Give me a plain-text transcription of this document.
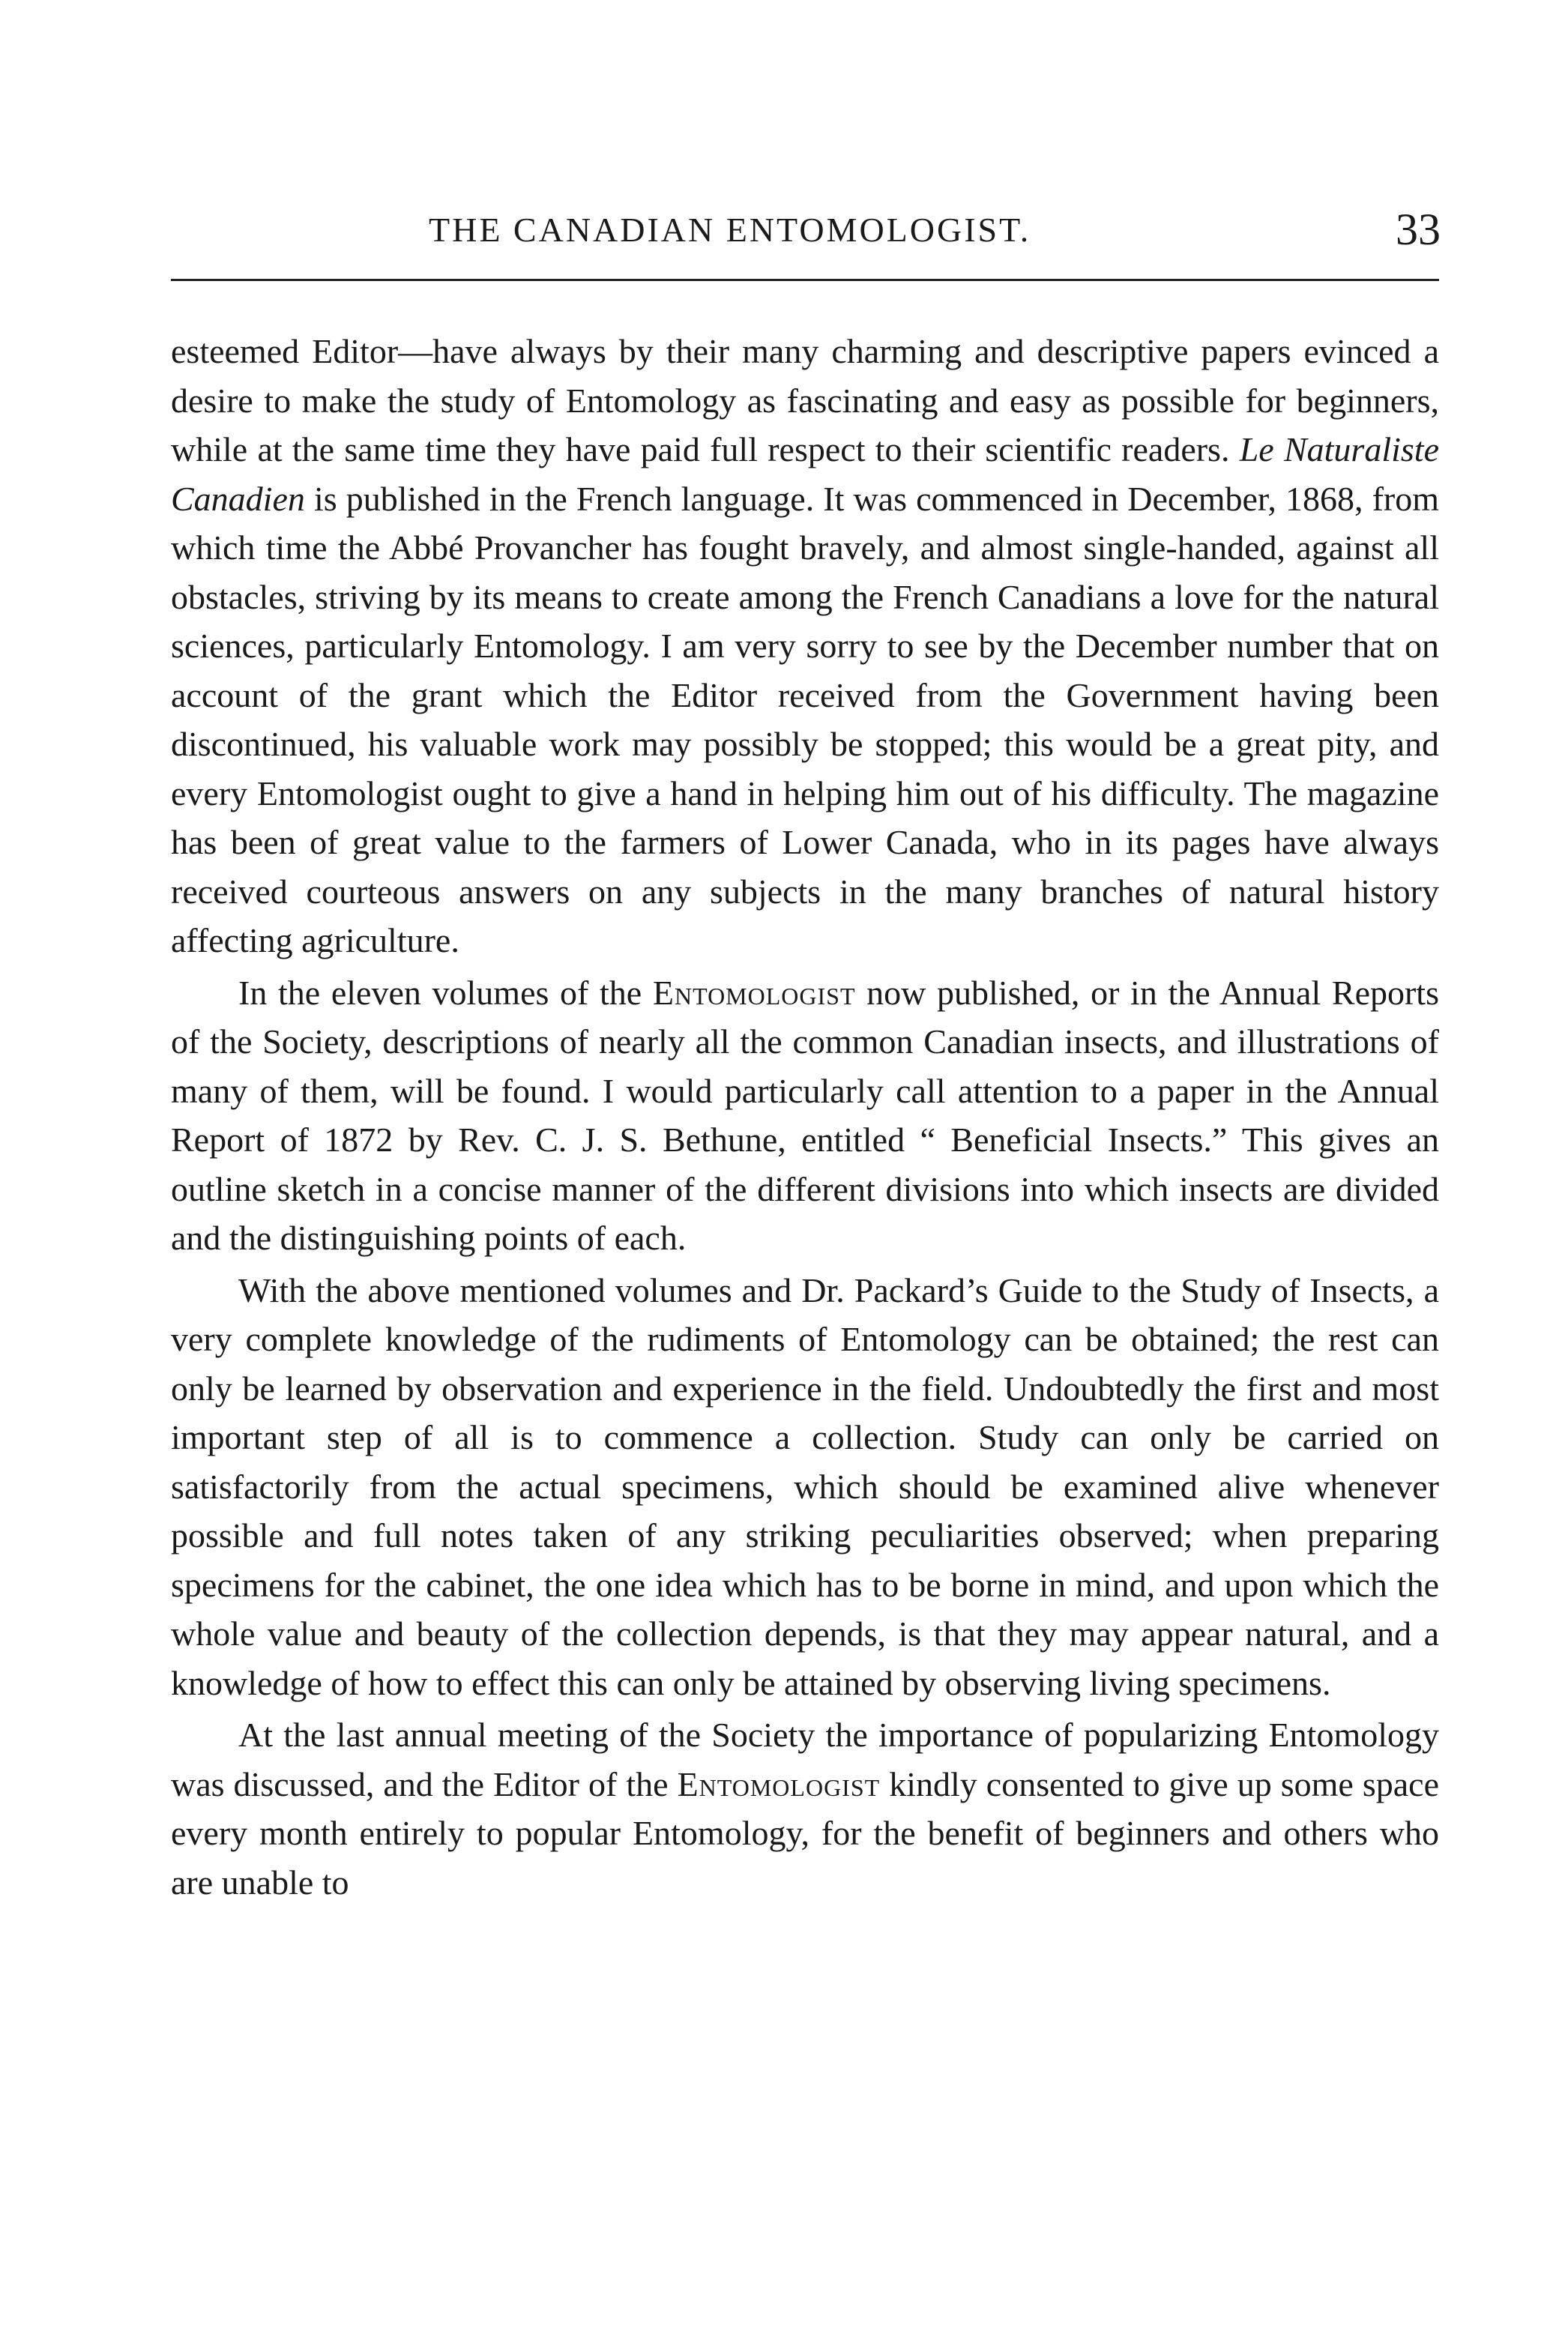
THE CANADIAN ENTOMOLOGIST.	33

esteemed Editor—have always by their many charming and descriptive papers evinced a desire to make the study of Entomology as fascinating and easy as possible for beginners, while at the same time they have paid full respect to their scientific readers. Le Naturaliste Canadien is published in the French language. It was commenced in December, 1868, from which time the Abbé Provancher has fought bravely, and almost single-handed, against all obstacles, striving by its means to create among the French Canadians a love for the natural sciences, particularly Entomology. I am very sorry to see by the December number that on account of the grant which the Editor received from the Government having been discontinued, his valuable work may possibly be stopped; this would be a great pity, and every Entomologist ought to give a hand in helping him out of his difficulty. The magazine has been of great value to the farmers of Lower Canada, who in its pages have always received courteous answers on any subjects in the many branches of natural history affecting agriculture.

In the eleven volumes of the Entomologist now published, or in the Annual Reports of the Society, descriptions of nearly all the common Canadian insects, and illustrations of many of them, will be found. I would particularly call attention to a paper in the Annual Report of 1872 by Rev. C. J. S. Bethune, entitled “ Beneficial Insects.” This gives an outline sketch in a concise manner of the different divisions into which insects are divided and the distinguishing points of each.

With the above mentioned volumes and Dr. Packard’s Guide to the Study of Insects, a very complete knowledge of the rudiments of Entomology can be obtained; the rest can only be learned by observation and experience in the field. Undoubtedly the first and most important step of all is to commence a collection. Study can only be carried on satisfactorily from the actual specimens, which should be examined alive whenever possible and full notes taken of any striking peculiarities observed; when preparing specimens for the cabinet, the one idea which has to be borne in mind, and upon which the whole value and beauty of the collection depends, is that they may appear natural, and a knowledge of how to effect this can only be attained by observing living specimens.

At the last annual meeting of the Society the importance of popularizing Entomology was discussed, and the Editor of the Entomologist kindly consented to give up some space every month entirely to popular Entomology, for the benefit of beginners and others who are unable to
